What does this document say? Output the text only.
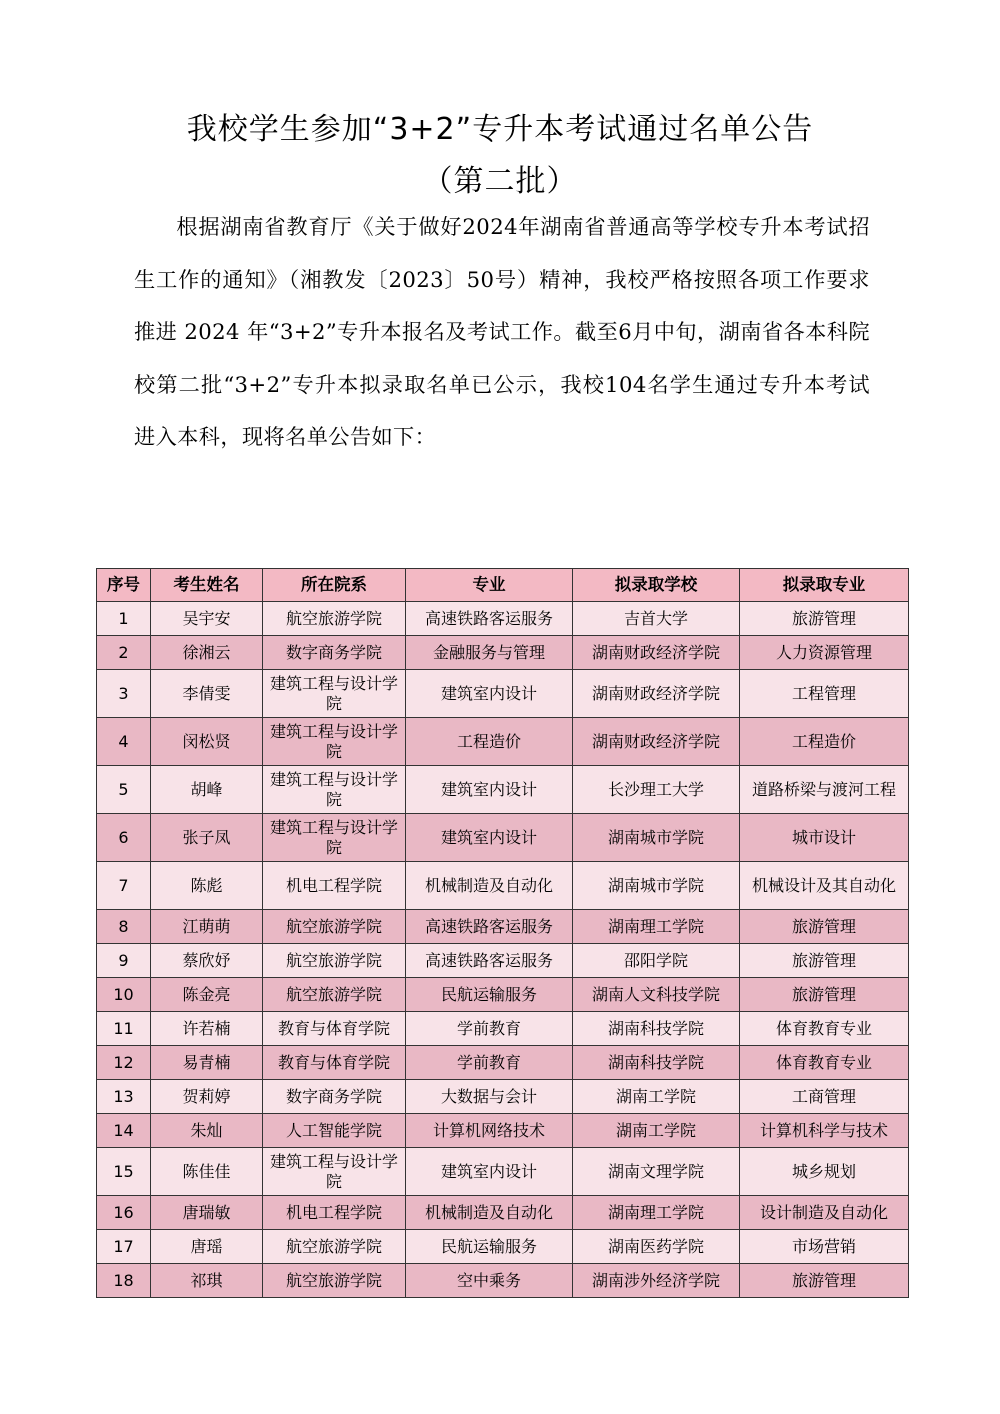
我校学生参加“3+2”专升本考试通过名单公告
（第二批）

根据湖南省教育厅《关于做好2024年湖南省普通高等学校专升本考试招生工作的通知》（湘教发〔2023〕50号）精神，我校严格按照各项工作要求推进 2024 年“3+2”专升本报名及考试工作。截至6月中旬，湖南省各本科院校第二批“3+2”专升本拟录取名单已公示，我校104名学生通过专升本考试进入本科，现将名单公告如下：

序号	考生姓名	所在院系	专业	拟录取学校	拟录取专业
1	吴宇安	航空旅游学院	高速铁路客运服务	吉首大学	旅游管理
2	徐湘云	数字商务学院	金融服务与管理	湖南财政经济学院	人力资源管理
3	李倩雯	建筑工程与设计学院	建筑室内设计	湖南财政经济学院	工程管理
4	闵松贤	建筑工程与设计学院	工程造价	湖南财政经济学院	工程造价
5	胡峰	建筑工程与设计学院	建筑室内设计	长沙理工大学	道路桥梁与渡河工程
6	张子凤	建筑工程与设计学院	建筑室内设计	湖南城市学院	城市设计
7	陈彪	机电工程学院	机械制造及自动化	湖南城市学院	机械设计及其自动化
8	江萌萌	航空旅游学院	高速铁路客运服务	湖南理工学院	旅游管理
9	蔡欣妤	航空旅游学院	高速铁路客运服务	邵阳学院	旅游管理
10	陈金亮	航空旅游学院	民航运输服务	湖南人文科技学院	旅游管理
11	许若楠	教育与体育学院	学前教育	湖南科技学院	体育教育专业
12	易青楠	教育与体育学院	学前教育	湖南科技学院	体育教育专业
13	贺莉婷	数字商务学院	大数据与会计	湖南工学院	工商管理
14	朱灿	人工智能学院	计算机网络技术	湖南工学院	计算机科学与技术
15	陈佳佳	建筑工程与设计学院	建筑室内设计	湖南文理学院	城乡规划
16	唐瑞敏	机电工程学院	机械制造及自动化	湖南理工学院	设计制造及自动化
17	唐瑶	航空旅游学院	民航运输服务	湖南医药学院	市场营销
18	祁琪	航空旅游学院	空中乘务	湖南涉外经济学院	旅游管理
